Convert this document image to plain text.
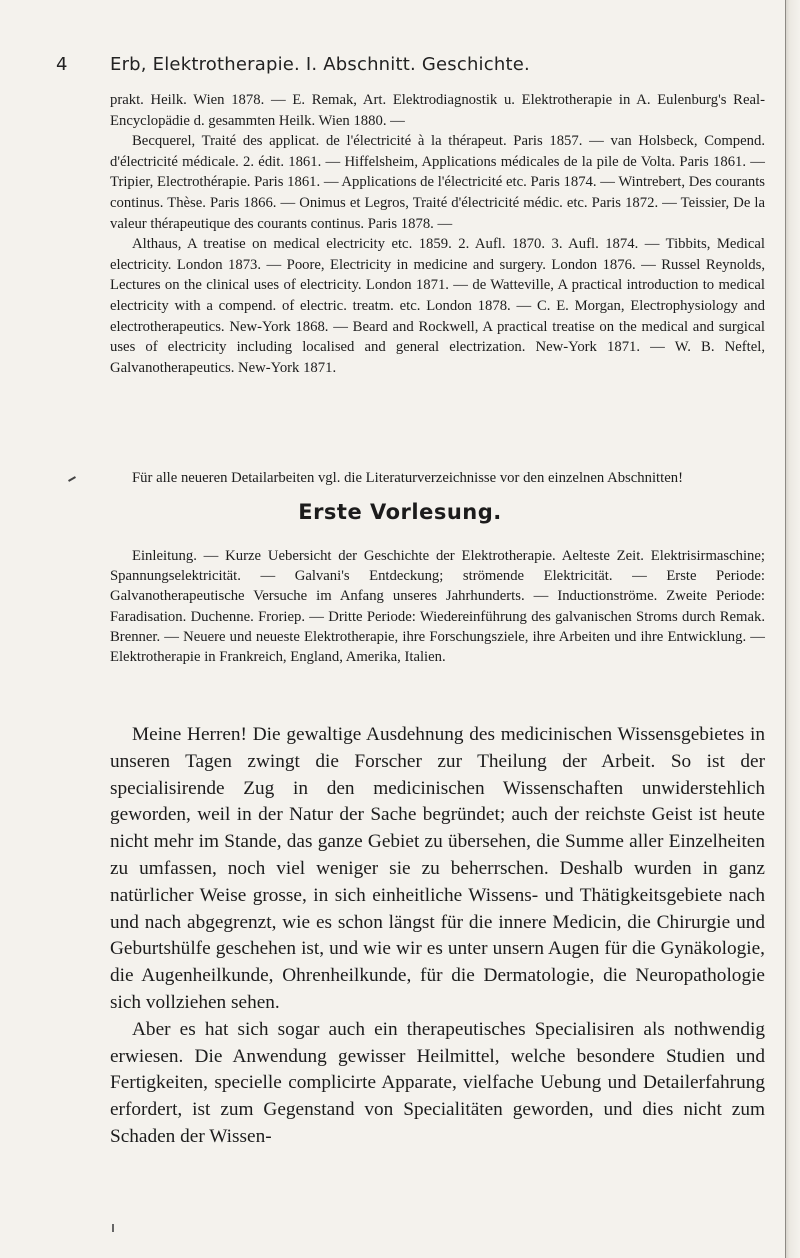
4 Erb, Elektrotherapie. I. Abschnitt. Geschichte.

prakt. Heilk. Wien 1878. — E. Remak, Art. Elektrodiagnostik u. Elektrotherapie in A. Eulenburg's Real-Encyclopädie d. gesammten Heilk. Wien 1880. —

Becquerel, Traité des applicat. de l'électricité à la thérapeut. Paris 1857. — van Holsbeck, Compend. d'électricité médicale. 2. édit. 1861. — Hiffelsheim, Applications médicales de la pile de Volta. Paris 1861. — Tripier, Electrothérapie. Paris 1861. — Applications de l'électricité etc. Paris 1874. — Wintrebert, Des courants continus. Thèse. Paris 1866. — Onimus et Legros, Traité d'électricité médic. etc. Paris 1872. — Teissier, De la valeur thérapeutique des courants continus. Paris 1878. —

Althaus, A treatise on medical electricity etc. 1859. 2. Aufl. 1870. 3. Aufl. 1874. — Tibbits, Medical electricity. London 1873. — Poore, Electricity in medicine and surgery. London 1876. — Russel Reynolds, Lectures on the clinical uses of electricity. London 1871. — de Watteville, A practical introduction to medical electricity with a compend. of electric. treatm. etc. London 1878. — C. E. Morgan, Electrophysiology and electrotherapeutics. New-York 1868. — Beard and Rockwell, A practical treatise on the medical and surgical uses of electricity including localised and general electrization. New-York 1871. — W. B. Neftel, Galvanotherapeutics. New-York 1871.

Für alle neueren Detailarbeiten vgl. die Literaturverzeichnisse vor den einzelnen Abschnitten!
Erste Vorlesung.
Einleitung. — Kurze Uebersicht der Geschichte der Elektrotherapie. Aelteste Zeit. Elektrisirmaschine; Spannungselektricität. — Galvani's Entdeckung; strömende Elektricität. — Erste Periode: Galvanotherapeutische Versuche im Anfang unseres Jahrhunderts. — Inductionströme. Zweite Periode: Faradisation. Duchenne. Froriep. — Dritte Periode: Wiedereinführung des galvanischen Stroms durch Remak. Brenner. — Neuere und neueste Elektrotherapie, ihre Forschungsziele, ihre Arbeiten und ihre Entwicklung. — Elektrotherapie in Frankreich, England, Amerika, Italien.

Meine Herren! Die gewaltige Ausdehnung des medicinischen Wissensgebietes in unseren Tagen zwingt die Forscher zur Theilung der Arbeit. So ist der specialisirende Zug in den medicinischen Wissenschaften unwiderstehlich geworden, weil in der Natur der Sache begründet; auch der reichste Geist ist heute nicht mehr im Stande, das ganze Gebiet zu übersehen, die Summe aller Einzelheiten zu umfassen, noch viel weniger sie zu beherrschen. Deshalb wurden in ganz natürlicher Weise grosse, in sich einheitliche Wissens- und Thätigkeitsgebiete nach und nach abgegrenzt, wie es schon längst für die innere Medicin, die Chirurgie und Geburtshülfe geschehen ist, und wie wir es unter unsern Augen für die Gynäkologie, die Augenheilkunde, Ohrenheilkunde, für die Dermatologie, die Neuropathologie sich vollziehen sehen.

Aber es hat sich sogar auch ein therapeutisches Specialisiren als nothwendig erwiesen. Die Anwendung gewisser Heilmittel, welche besondere Studien und Fertigkeiten, specielle complicirte Apparate, vielfache Uebung und Detailerfahrung erfordert, ist zum Gegenstand von Specialitäten geworden, und dies nicht zum Schaden der Wissen-
